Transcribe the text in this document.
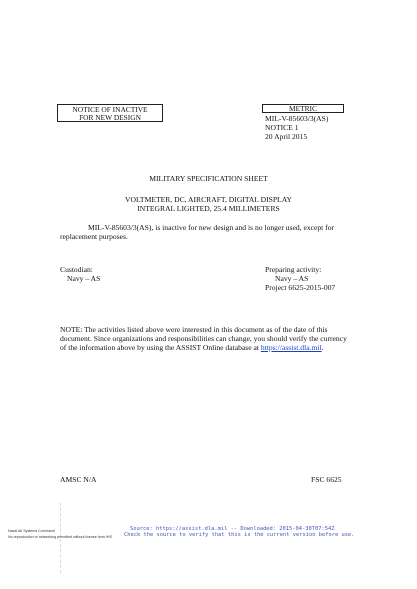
NOTICE OF INACTIVE
FOR NEW DESIGN
METRIC
MIL-V-85603/3(AS)
NOTICE 1
20 April 2015
MILITARY SPECIFICATION SHEET
VOLTMETER, DC, AIRCRAFT, DIGITAL DISPLAY
INTEGRAL LIGHTED, 25.4 MILLIMETERS
MIL-V-85603/3(AS), is inactive for new design and is no longer used, except for
replacement purposes.
Custodian:
Navy – AS
Preparing activity:
Navy – AS
Project 6625-2015-007
NOTE: The activities listed above were interested in this document as of the date of this
document. Since organizations and responsibilities can change, you should verify the currency
of the information above by using the ASSIST Online database at https://assist.dla.mil.
AMSC N/A	FSC 6625
Naval Air Systems Command
No reproduction or networking permitted without license from IHS
Source: https://assist.dla.mil -- Downloaded: 2015-04-30T07:54Z
Check the source to verify that this is the current version before use.
